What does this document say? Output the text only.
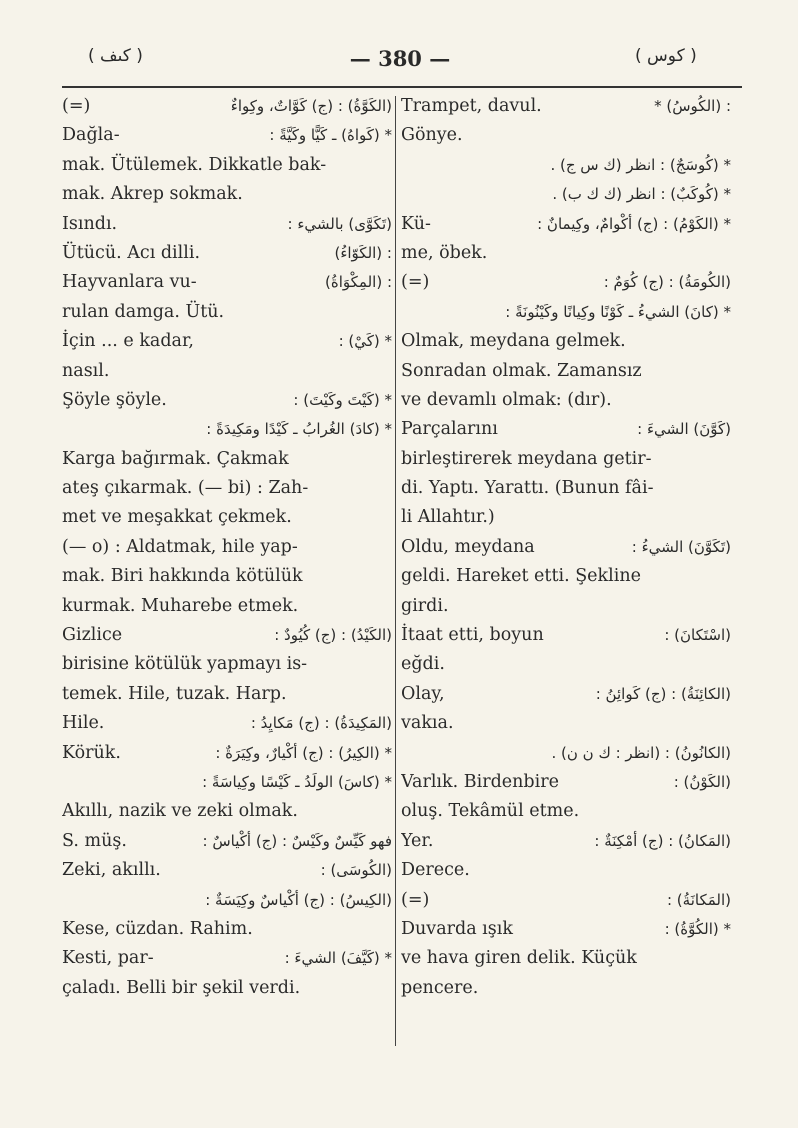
( كىف )	— 380 —	( كوس )
(=)	(الكَوَّةُ) : (ج) كَوَّاتٌ، وكِواءٌ
Dağla-	* (كَواهُ) ـ كَيًّا وكَيَّةً :
mak. Ütülemek. Dikkatle bak-
mak. Akrep sokmak.
Isındı.	(تَكَوَّى) بالشيء :
Ütücü. Acı dilli.	: (الكَوّاءُ)
Hayvanlara vu-	: (المِكْوَاةُ)
rulan damga. Ütü.
İçin ... e kadar,	* (كَيْ) :
nasıl.
Şöyle şöyle.	* (كَيْتَ وكَيْتَ) :
* (كادَ) الغُرابُ ـ كَيْدًا ومَكِيدَةً :
Karga bağırmak. Çakmak
ateş çıkarmak. (— bi) : Zah-
met ve meşakkat çekmek.
(— o) : Aldatmak, hile yap-
mak. Biri hakkında kötülük
kurmak. Muharebe etmek.
Gizlice	(الكَيْدُ) : (ج) كُيُودٌ :
birisine kötülük yapmayı is-
temek. Hile, tuzak. Harp.
Hile.	(المَكِيدَةُ) : (ج) مَكايِدُ :
Körük.	* (الكِيرُ) : (ج) أكْيارٌ، وكِيَرَةٌ :
* (كاسَ) الولَدُ ـ كَيْسًا وكِياسَةً :
Akıllı, nazik ve zeki olmak.
S. müş.	فهو كَيِّسٌ وكَيْسٌ : (ج) أكْياسٌ :
Zeki, akıllı.	(الكُوسَى) :
(الكِيسُ) : (ج) أكْياسٌ وكِيَسَةٌ :
Kese, cüzdan. Rahim.
Kesti, par-	* (كَيَّفَ) الشيءَ :
çaladı. Belli bir şekil verdi.
Trampet, davul.	: (الكُوسُ) *
Gönye.
* (كُوسَجٌ) : انظر (ك س ج) .
* (كُوكَبٌ) : انظر (ك ك ب) .
Kü-	* (الكَوْمُ) : (ج) أكْوامٌ، وكِيمانٌ :
me, öbek.
(=)	(الكُومَةُ) : (ج) كُوَمٌ :
* (كانَ) الشيءُ ـ كَوْنًا وكِيانًا وكَيْنُونَةً :
Olmak, meydana gelmek.
Sonradan olmak. Zamansız
ve devamlı olmak: (dır).
Parçalarını	(كَوَّنَ) الشيءَ :
birleştirerek meydana getir-
di. Yaptı. Yarattı. (Bunun fâi-
li Allahtır.)
Oldu, meydana	(تَكَوَّنَ) الشيءُ :
geldi. Hareket etti. Şekline
girdi.
İtaat etti, boyun	(اسْتَكانَ) :
eğdi.
Olay,	(الكائِنَةُ) : (ج) كَوائِنُ :
vakıa.
(الكانُونُ) : (انظر : ك ن ن) .
Varlık. Birdenbire	(الكَوْنُ) :
oluş. Tekâmül etme.
Yer.	(المَكانُ) : (ج) أمْكِنَةٌ :
Derece.
(=)	(المَكانَةُ) :
Duvarda ışık	* (الكُوَّةُ) :
ve hava giren delik. Küçük
pencere.
